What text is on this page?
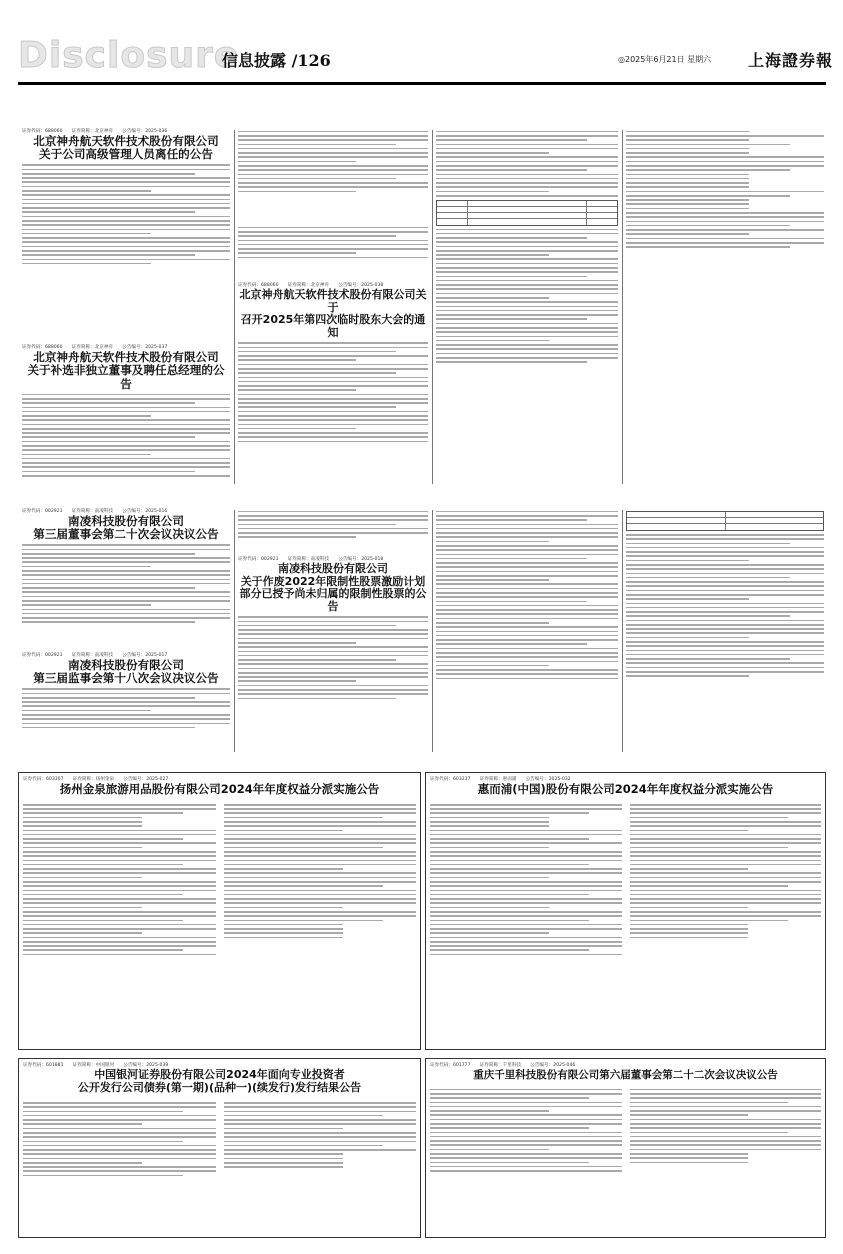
Disclosure
信息披露 /126	◎2025年6月21日 星期六 上海證券報
证券代码：688060　　证券简称：北京神舟　　公告编号：2025-036
北京神舟航天软件技术股份有限公司
关于公司高级管理人员离任的公告
证券代码：688060　　证券简称：北京神舟　　公告编号：2025-037
北京神舟航天软件技术股份有限公司
关于补选非独立董事及聘任总经理的公告
证券代码：688060　　证券简称：北京神舟　　公告编号：2025-038
北京神舟航天软件技术股份有限公司关于
召开2025年第四次临时股东大会的通知
证券代码：002921　　证券简称：南凌科技　　公告编号：2025-016
南凌科技股份有限公司
第三届董事会第二十次会议决议公告
证券代码：002921　　证券简称：南凌科技　　公告编号：2025-017
南凌科技股份有限公司
第三届监事会第十八次会议决议公告
证券代码：002921　　证券简称：南凌科技　　公告编号：2025-018
南凌科技股份有限公司
关于作废2022年限制性股票激励计划
部分已授予尚未归属的限制性股票的公告
证券代码：603307　　证券简称：扬州金泉　　公告编号：2025-027
扬州金泉旅游用品股份有限公司2024年年度权益分派实施公告
证券代码：603237　　证券简称：惠而浦　　公告编号：2025-032
惠而浦(中国)股份有限公司2024年年度权益分派实施公告
证券代码：601881　　证券简称：中国银河　　公告编号：2025-039
中国银河证券股份有限公司2024年面向专业投资者
公开发行公司债券(第一期)(品种一)(续发行)发行结果公告
证券代码：601777　　证券简称：千里科技　　公告编号：2025-046
重庆千里科技股份有限公司第六届董事会第二十二次会议决议公告
